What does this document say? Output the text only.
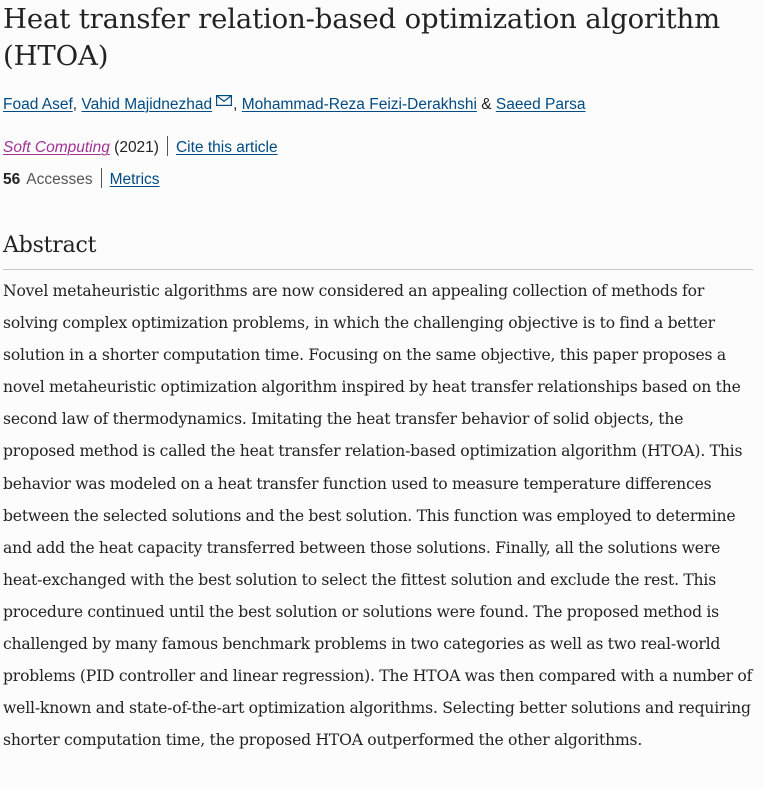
Heat transfer relation-based optimization algorithm (HTOA)
Foad Asef, Vahid Majidnezhad , Mohammad-Reza Feizi-Derakhshi & Saeed Parsa
Soft Computing (2021) Cite this article
56 Accesses Metrics
Abstract

Novel metaheuristic algorithms are now considered an appealing collection of methods for solving complex optimization problems, in which the challenging objective is to find a better solution in a shorter computation time. Focusing on the same objective, this paper proposes a novel metaheuristic optimization algorithm inspired by heat transfer relationships based on the second law of thermodynamics. Imitating the heat transfer behavior of solid objects, the proposed method is called the heat transfer relation-based optimization algorithm (HTOA). This behavior was modeled on a heat transfer function used to measure temperature differences between the selected solutions and the best solution. This function was employed to determine and add the heat capacity transferred between those solutions. Finally, all the solutions were heat-exchanged with the best solution to select the fittest solution and exclude the rest. This procedure continued until the best solution or solutions were found. The proposed method is challenged by many famous benchmark problems in two categories as well as two real-world problems (PID controller and linear regression). The HTOA was then compared with a number of well-known and state-of-the-art optimization algorithms. Selecting better solutions and requiring shorter computation time, the proposed HTOA outperformed the other algorithms.
